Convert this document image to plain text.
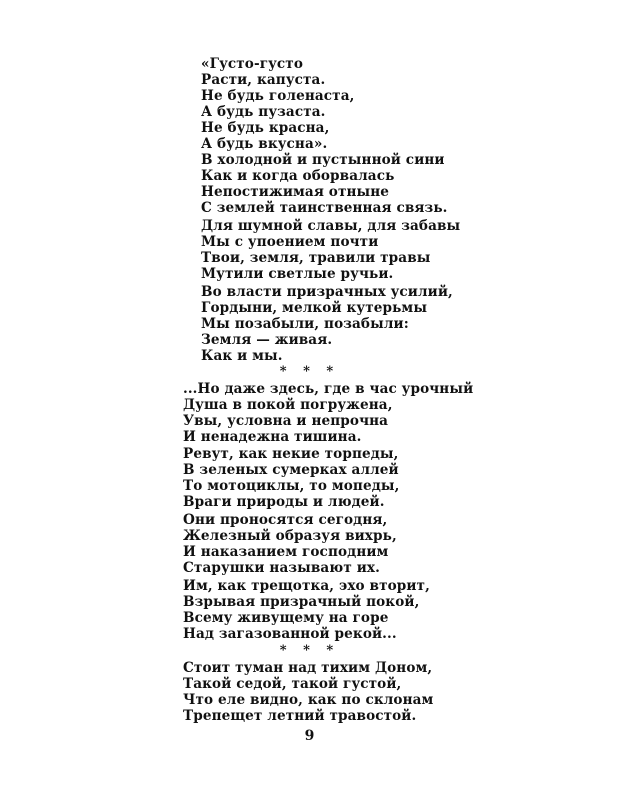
«Густо-густо
Расти, капуста.
Не будь голенаста,
А будь пузаста.
Не будь красна,
А будь вкусна».
В холодной и пустынной сини
Как и когда оборвалась
Непостижимая отныне
С землей таинственная связь.
Для шумной славы, для забавы
Мы с упоением почти
Твои, земля, травили травы
Мутили светлые ручьи.
Во власти призрачных усилий,
Гордыни, мелкой кутерьмы
Мы позабыли, позабыли:
Земля — живая.
Как и мы.
* * *
...Но даже здесь, где в час урочный
Душа в покой погружена,
Увы, условна и непрочна
И ненадежна тишина.
Ревут, как некие торпеды,
В зеленых сумерках аллей
То мотоциклы, то мопеды,
Враги природы и людей.
Они проносятся сегодня,
Железный образуя вихрь,
И наказанием господним
Старушки называют их.
Им, как трещотка, эхо вторит,
Взрывая призрачный покой,
Всему живущему на горе
Над загазованной рекой...
* * *
Стоит туман над тихим Доном,
Такой седой, такой густой,
Что еле видно, как по склонам
Трепещет летний травостой.
9
